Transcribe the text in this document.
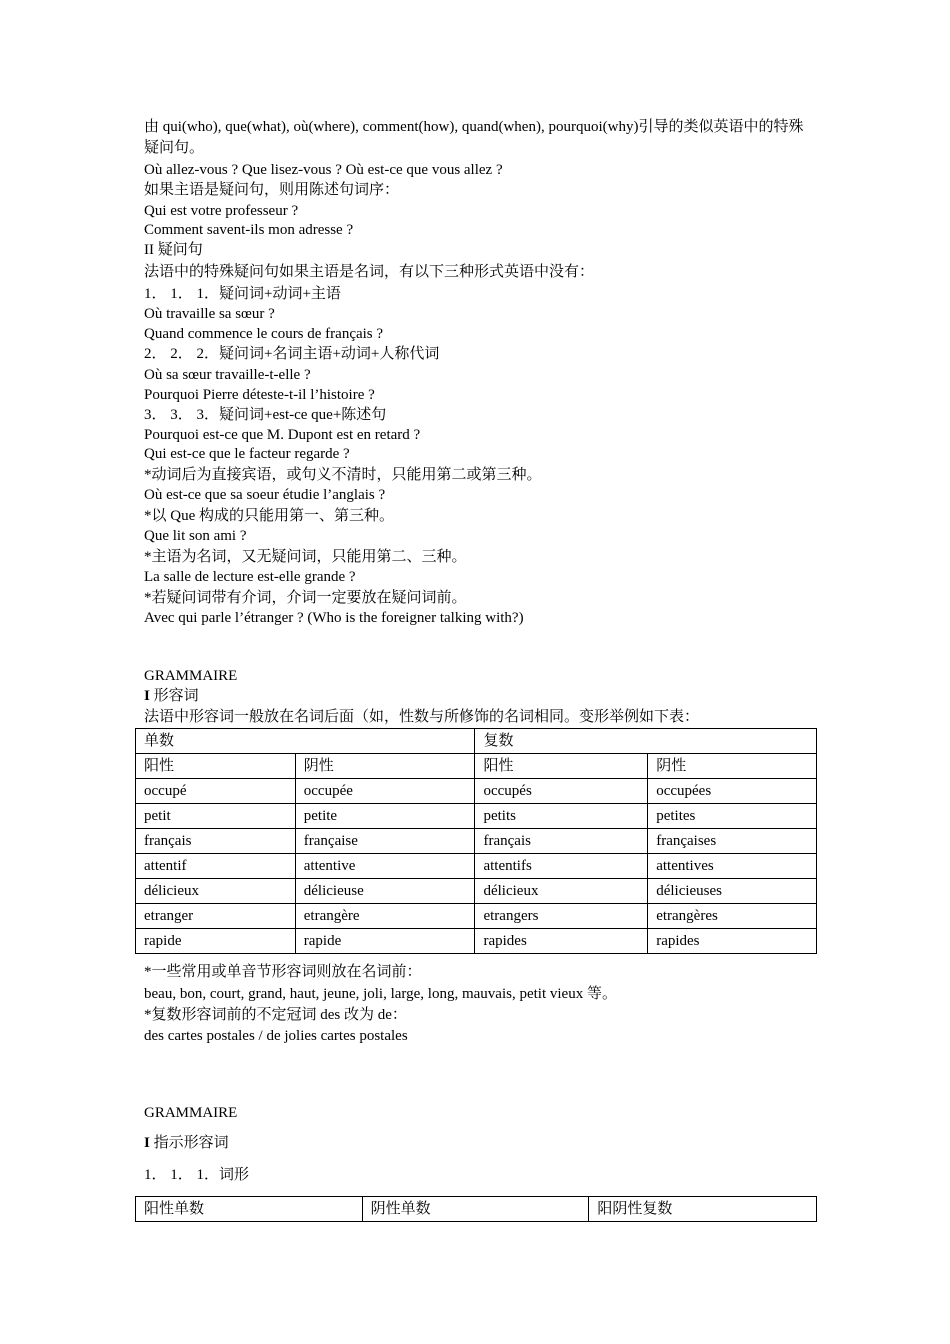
由 qui(who), que(what), où(where), comment(how), quand(when), pourquoi(why)引导的类似英语中的特殊疑问句。
Où allez-vous ? Que lisez-vous ? Où est-ce que vous allez ?
如果主语是疑问句，则用陈述句词序：
Qui est votre professeur ?
Comment savent-ils mon adresse ?
II 疑问句
法语中的特殊疑问句如果主语是名词，有以下三种形式英语中没有：
1． 1． 1．疑问词+动词+主语
Où travaille sa sœur ?
Quand commence le cours de français ?
2． 2． 2．疑问词+名词主语+动词+人称代词
Où sa sœur travaille-t-elle ?
Pourquoi Pierre déteste-t-il l’histoire ?
3． 3． 3．疑问词+est-ce que+陈述句
Pourquoi est-ce que M. Dupont est en retard ?
Qui est-ce que le facteur regarde ?
*动词后为直接宾语，或句义不清时，只能用第二或第三种。
Où est-ce que sa soeur étudie l’anglais ?
*以 Que 构成的只能用第一、第三种。
Que lit son ami ?
*主语为名词，又无疑问词，只能用第二、三种。
La salle de lecture est-elle grande ?
*若疑问词带有介词，介词一定要放在疑问词前。
Avec qui parle l’étranger ? (Who is the foreigner talking with?)
GRAMMAIRE
I 形容词
法语中形容词一般放在名词后面（如，性数与所修饰的名词相同。变形举例如下表：
单数		复数	
阳性	阴性	阳性	阴性
occupé	occupée	occupés	occupées
petit	petite	petits	petites
français	française	français	françaises
attentif	attentive	attentifs	attentives
délicieux	délicieuse	délicieux	délicieuses
etranger	etrangère	etrangers	etrangères
rapide	rapide	rapides	rapides
*一些常用或单音节形容词则放在名词前：
beau, bon, court, grand, haut, jeune, joli, large, long, mauvais, petit vieux 等。
*复数形容词前的不定冠词 des 改为 de：
des cartes postales / de jolies cartes postales
GRAMMAIRE
I 指示形容词
1． 1． 1．词形
阳性单数	阴性单数	阳阴性复数
